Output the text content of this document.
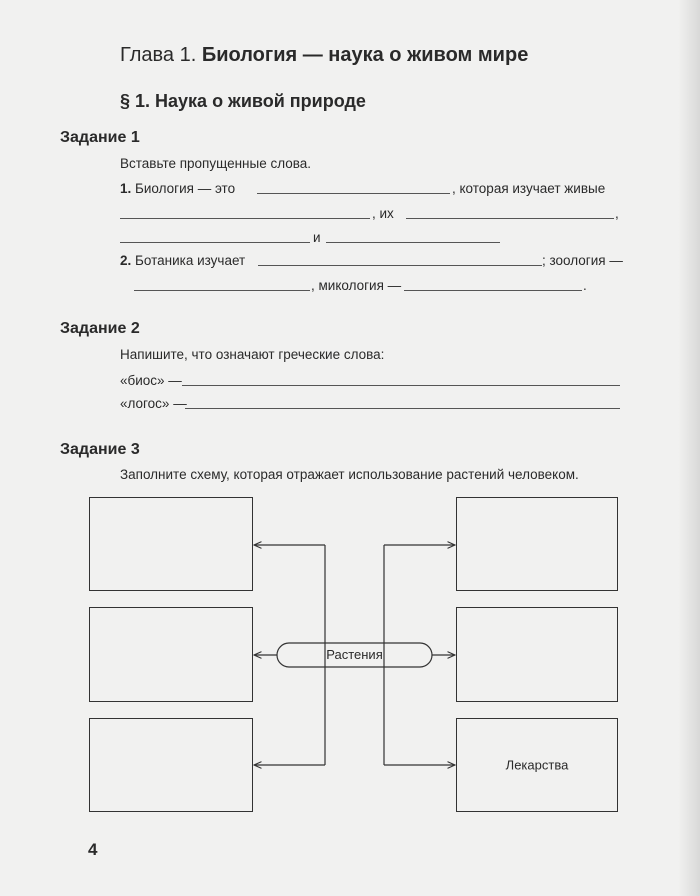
Глава 1. Биология — наука о живом мире
§ 1. Наука о живой природе
Задание 1
Вставьте пропущенные слова.
1. Биология — это	, которая изучает живые
, их	,
и
2. Ботаника изучает	; зоология —
, микология —	.
Задание 2
Напишите, что означают греческие слова:
«биос» —
«логос» —
Задание 3
Заполните схему, которая отражает использование растений человеком.
Растения
Лекарства
4
